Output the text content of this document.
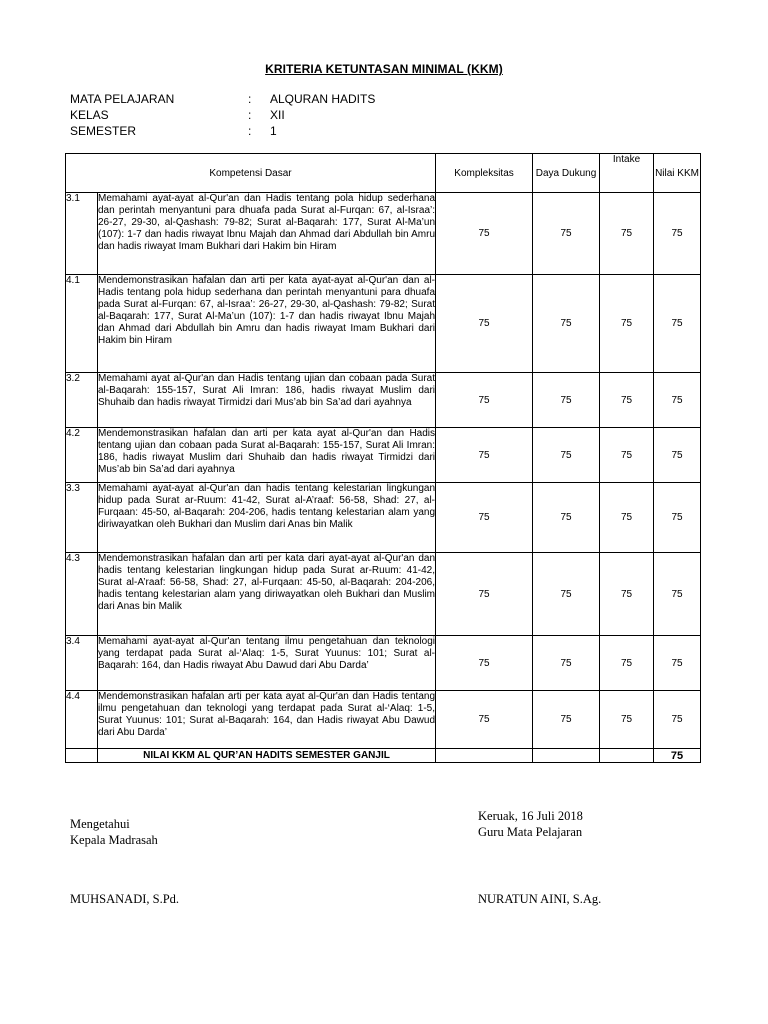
KRITERIA KETUNTASAN MINIMAL (KKM)
MATA PELAJARAN	:	ALQURAN HADITS
KELAS	:	XII
SEMESTER	:	1
Kompetensi Dasar		Kompleksitas	Daya Dukung	Intake	Nilai KKM
3.1	Memahami ayat-ayat al-Qur'an dan Hadis tentang pola hidup sederhana dan perintah menyantuni para dhuafa pada Surat al-Furqan: 67, al-Israa’: 26-27, 29-30, al-Qashash: 79-82; Surat al-Baqarah: 177, Surat Al-Ma’un (107): 1-7 dan hadis riwayat Ibnu Majah dan Ahmad dari Abdullah bin Amru dan hadis riwayat Imam Bukhari dari Hakim bin Hiram	75	75	75	75
4.1	Mendemonstrasikan hafalan dan arti per kata ayat-ayat al-Qur'an dan al-Hadis tentang pola hidup sederhana dan perintah menyantuni para dhuafa pada Surat al-Furqan: 67, al-Israa’: 26-27, 29-30, al-Qashash: 79-82; Surat al-Baqarah: 177, Surat Al-Ma’un (107): 1-7 dan hadis riwayat Ibnu Majah dan Ahmad dari Abdullah bin Amru dan hadis riwayat Imam Bukhari dari Hakim bin Hiram	75	75	75	75
3.2	Memahami ayat al-Qur'an dan Hadis tentang ujian dan cobaan pada Surat al-Baqarah: 155-157, Surat Ali Imran: 186, hadis riwayat Muslim dari Shuhaib dan hadis riwayat Tirmidzi dari Mus’ab bin Sa’ad dari ayahnya	75	75	75	75
4.2	Mendemonstrasikan hafalan dan arti per kata ayat al-Qur'an dan Hadis tentang ujian dan cobaan pada Surat al-Baqarah: 155-157, Surat Ali Imran: 186, hadis riwayat Muslim dari Shuhaib dan hadis riwayat Tirmidzi dari Mus’ab bin Sa’ad dari ayahnya	75	75	75	75
3.3	Memahami ayat-ayat al-Qur'an dan hadis tentang kelestarian lingkungan hidup pada Surat ar-Ruum: 41-42, Surat al-A’raaf: 56-58, Shad: 27, al-Furqaan: 45-50, al-Baqarah: 204-206, hadis tentang kelestarian alam yang diriwayatkan oleh Bukhari dan Muslim dari Anas bin Malik	75	75	75	75
4.3	Mendemonstrasikan hafalan dan arti per kata dari ayat-ayat al-Qur'an dan hadis tentang kelestarian lingkungan hidup pada Surat ar-Ruum: 41-42, Surat al-A’raaf: 56-58, Shad: 27, al-Furqaan: 45-50, al-Baqarah: 204-206, hadis tentang kelestarian alam yang diriwayatkan oleh Bukhari dan Muslim dari Anas bin Malik	75	75	75	75
3.4	Memahami ayat-ayat al-Qur'an tentang ilmu pengetahuan dan teknologi yang terdapat pada Surat al-‘Alaq: 1-5, Surat Yuunus: 101; Surat al-Baqarah: 164, dan Hadis riwayat Abu Dawud dari Abu Darda’	75	75	75	75
4.4	Mendemonstrasikan hafalan arti per kata ayat al-Qur'an dan Hadis tentang ilmu pengetahuan dan teknologi yang terdapat pada Surat al-‘Alaq: 1-5, Surat Yuunus: 101; Surat al-Baqarah: 164, dan Hadis riwayat Abu Dawud dari Abu Darda’	75	75	75	75
	NILAI KKM AL QUR’AN HADITS SEMESTER GANJIL				75
Mengetahui
Kepala Madrasah
Keruak, 16 Juli 2018
Guru Mata Pelajaran
MUHSANADI, S.Pd.	NURATUN AINI, S.Ag.
